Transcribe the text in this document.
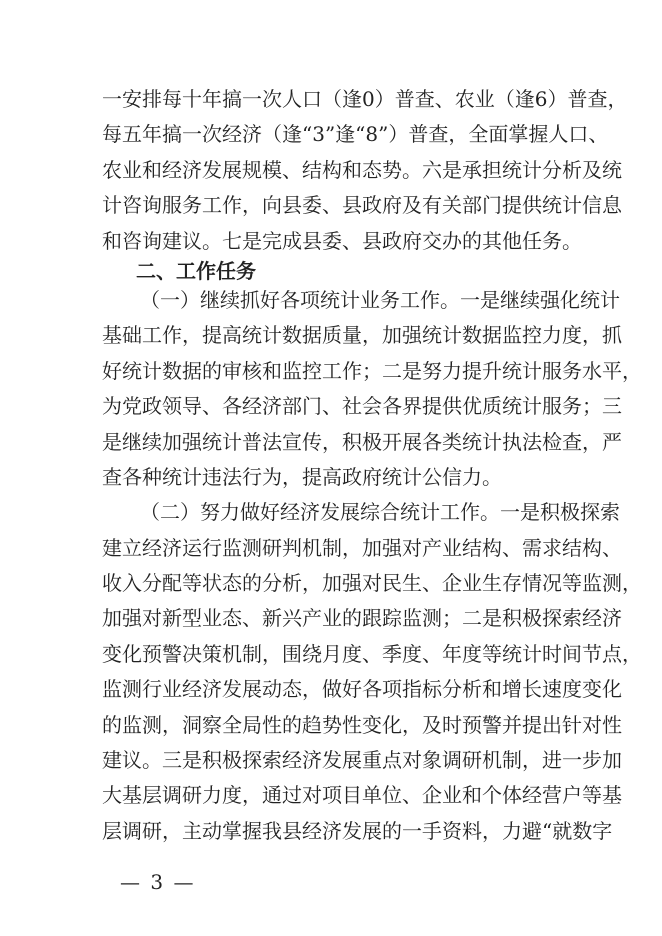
一安排每十年搞一次人口（逢0）普查、农业（逢6）普查，
每五年搞一次经济（逢“3”逢“8”）普查，全面掌握人口、
农业和经济发展规模、结构和态势。六是承担统计分析及统
计咨询服务工作，向县委、县政府及有关部门提供统计信息
和咨询建议。七是完成县委、县政府交办的其他任务。
二、工作任务
（一）继续抓好各项统计业务工作。一是继续强化统计
基础工作，提高统计数据质量，加强统计数据监控力度，抓
好统计数据的审核和监控工作；二是努力提升统计服务水平，
为党政领导、各经济部门、社会各界提供优质统计服务；三
是继续加强统计普法宣传，积极开展各类统计执法检查，严
查各种统计违法行为，提高政府统计公信力。
（二）努力做好经济发展综合统计工作。一是积极探索
建立经济运行监测研判机制，加强对产业结构、需求结构、
收入分配等状态的分析，加强对民生、企业生存情况等监测，
加强对新型业态、新兴产业的跟踪监测；二是积极探索经济
变化预警决策机制，围绕月度、季度、年度等统计时间节点，
监测行业经济发展动态，做好各项指标分析和增长速度变化
的监测，洞察全局性的趋势性变化，及时预警并提出针对性
建议。三是积极探索经济发展重点对象调研机制，进一步加
大基层调研力度，通过对项目单位、企业和个体经营户等基
层调研，主动掌握我县经济发展的一手资料，力避“就数字
— 3 —
